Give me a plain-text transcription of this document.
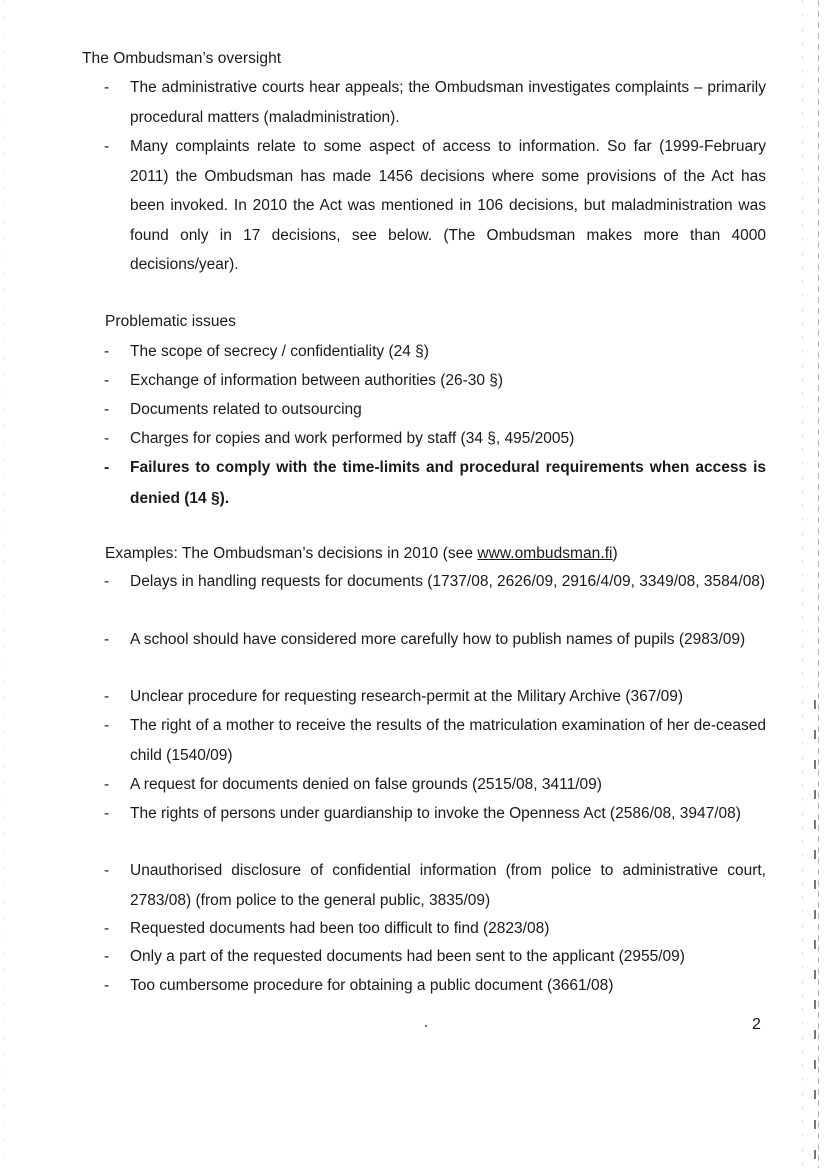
The Ombudsman’s oversight
-	The administrative courts hear appeals; the Ombudsman investigates complaints – primarily procedural matters (maladministration).
-	Many complaints relate to some aspect of access to information. So far (1999-February 2011) the Ombudsman has made 1456 decisions where some provisions of the Act has been invoked. In 2010 the Act was mentioned in 106 decisions, but maladministration was found only in 17 decisions, see below. (The Ombudsman makes more than 4000 decisions/year).
Problematic issues
-	The scope of secrecy / confidentiality (24 §)
-	Exchange of information between authorities (26-30 §)
-	Documents related to outsourcing
-	Charges for copies and work performed by staff (34 §, 495/2005)
-	Failures to comply with the time-limits and procedural requirements when access is denied (14 §).
Examples: The Ombudsman’s decisions in 2010 (see www.ombudsman.fi)
-	Delays in handling requests for documents (1737/08, 2626/09, 2916/4/09, 3349/08, 3584/08)
-	A school should have considered more carefully how to publish names of pupils (2983/09)
-	Unclear procedure for requesting research-permit at the Military Archive (367/09)
-	The right of a mother to receive the results of the matriculation examination of her de-ceased child (1540/09)
-	A request for documents denied on false grounds (2515/08, 3411/09)
-	The rights of persons under guardianship to invoke the Openness Act (2586/08, 3947/08)
-	Unauthorised disclosure of confidential information (from police to administrative court, 2783/08) (from police to the general public, 3835/09)
-	Requested documents had been too difficult to find (2823/08)
-	Only a part of the requested documents had been sent to the applicant (2955/09)
-	Too cumbersome procedure for obtaining a public document (3661/08)
2
